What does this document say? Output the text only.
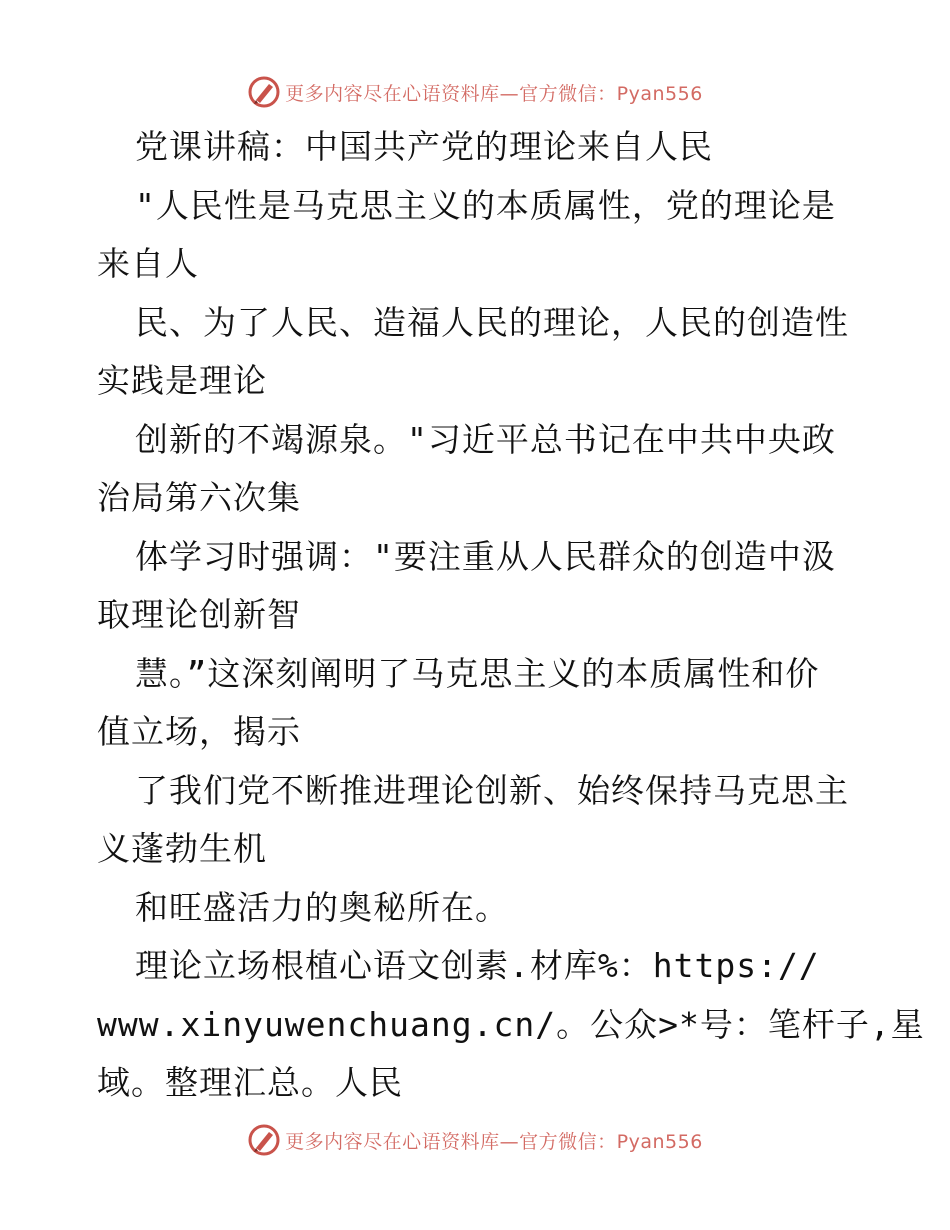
更多内容尽在心语资料库—官方微信：Pyan556
党课讲稿：中国共产党的理论来自人民
"人民性是马克思主义的本质属性，党的理论是
来自人
民、为了人民、造福人民的理论，人民的创造性
实践是理论
创新的不竭源泉。"习近平总书记在中共中央政
治局第六次集
体学习时强调："要注重从人民群众的创造中汲
取理论创新智
慧。”这深刻阐明了马克思主义的本质属性和价
值立场，揭示
了我们党不断推进理论创新、始终保持马克思主
义蓬勃生机
和旺盛活力的奥秘所在。
理论立场根植心语文创素.材库%：https://
www.xinyuwenchuang.cn/。公众>*号：笔杆子,星
域。整理汇总。人民
更多内容尽在心语资料库—官方微信：Pyan556
